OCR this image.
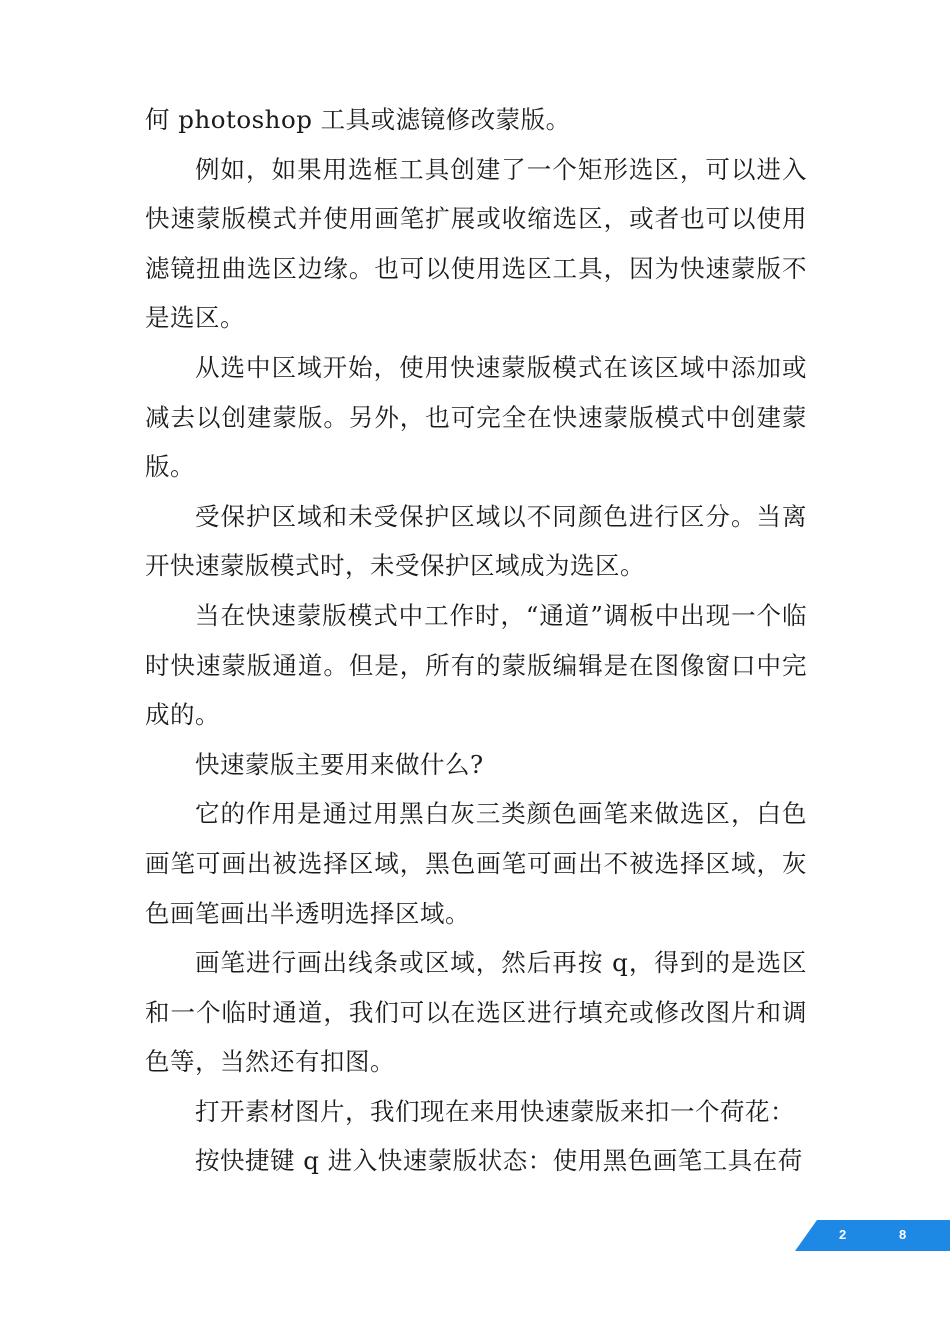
何 photoshop 工具或滤镜修改蒙版。

例如，如果用选框工具创建了一个矩形选区，可以进入快速蒙版模式并使用画笔扩展或收缩选区，或者也可以使用滤镜扭曲选区边缘。也可以使用选区工具，因为快速蒙版不是选区。

从选中区域开始，使用快速蒙版模式在该区域中添加或减去以创建蒙版。另外，也可完全在快速蒙版模式中创建蒙版。

受保护区域和未受保护区域以不同颜色进行区分。当离开快速蒙版模式时，未受保护区域成为选区。

当在快速蒙版模式中工作时，“通道”调板中出现一个临时快速蒙版通道。但是，所有的蒙版编辑是在图像窗口中完成的。

快速蒙版主要用来做什么?

它的作用是通过用黑白灰三类颜色画笔来做选区，白色画笔可画出被选择区域，黑色画笔可画出不被选择区域，灰色画笔画出半透明选择区域。

画笔进行画出线条或区域，然后再按 q，得到的是选区和一个临时通道，我们可以在选区进行填充或修改图片和调色等，当然还有扣图。

打开素材图片，我们现在来用快速蒙版来扣一个荷花：

按快捷键 q 进入快速蒙版状态：使用黑色画笔工具在荷

2	8
